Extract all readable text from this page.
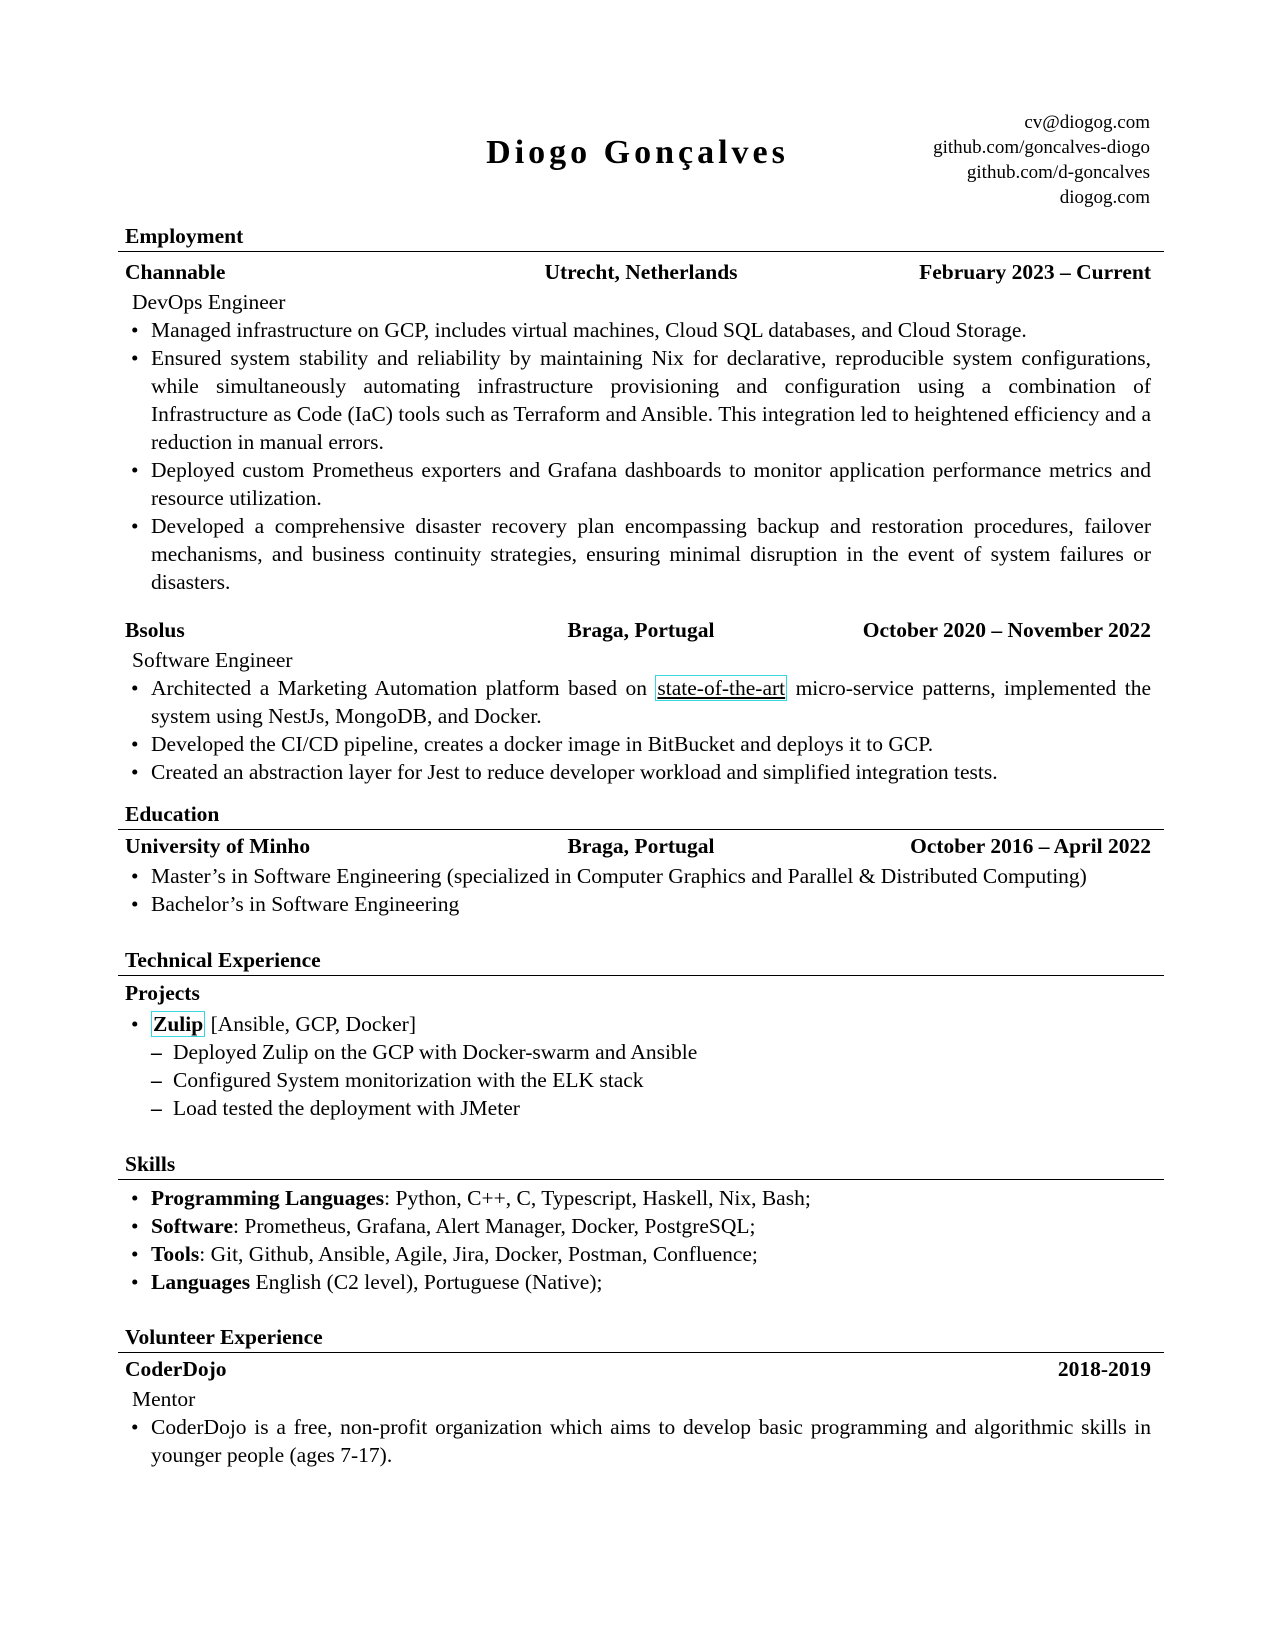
Diogo Gonçalves
cv@diogog.com
github.com/goncalves-diogo
github.com/d-goncalves
diogog.com
Employment
Channable	Utrecht, Netherlands	February 2023 – Current
DevOps Engineer
• Managed infrastructure on GCP, includes virtual machines, Cloud SQL databases, and Cloud Storage.
• Ensured system stability and reliability by maintaining Nix for declarative, reproducible system configurations, while simultaneously automating infrastructure provisioning and configuration using a combination of Infrastructure as Code (IaC) tools such as Terraform and Ansible. This integration led to heightened efficiency and a reduction in manual errors.
• Deployed custom Prometheus exporters and Grafana dashboards to monitor application performance metrics and resource utilization.
• Developed a comprehensive disaster recovery plan encompassing backup and restoration procedures, failover mechanisms, and business continuity strategies, ensuring minimal disruption in the event of system failures or disasters.
Bsolus	Braga, Portugal	October 2020 – November 2022
Software Engineer
• Architected a Marketing Automation platform based on state-of-the-art micro-service patterns, implemented the system using NestJs, MongoDB, and Docker.
• Developed the CI/CD pipeline, creates a docker image in BitBucket and deploys it to GCP.
• Created an abstraction layer for Jest to reduce developer workload and simplified integration tests.
Education
University of Minho	Braga, Portugal	October 2016 – April 2022
• Master’s in Software Engineering (specialized in Computer Graphics and Parallel & Distributed Computing)
• Bachelor’s in Software Engineering
Technical Experience
Projects
• Zulip [Ansible, GCP, Docker]
– Deployed Zulip on the GCP with Docker-swarm and Ansible
– Configured System monitorization with the ELK stack
– Load tested the deployment with JMeter
Skills
• Programming Languages: Python, C++, C, Typescript, Haskell, Nix, Bash;
• Software: Prometheus, Grafana, Alert Manager, Docker, PostgreSQL;
• Tools: Git, Github, Ansible, Agile, Jira, Docker, Postman, Confluence;
• Languages English (C2 level), Portuguese (Native);
Volunteer Experience
CoderDojo	2018-2019
Mentor
• CoderDojo is a free, non-profit organization which aims to develop basic programming and algorithmic skills in younger people (ages 7-17).
